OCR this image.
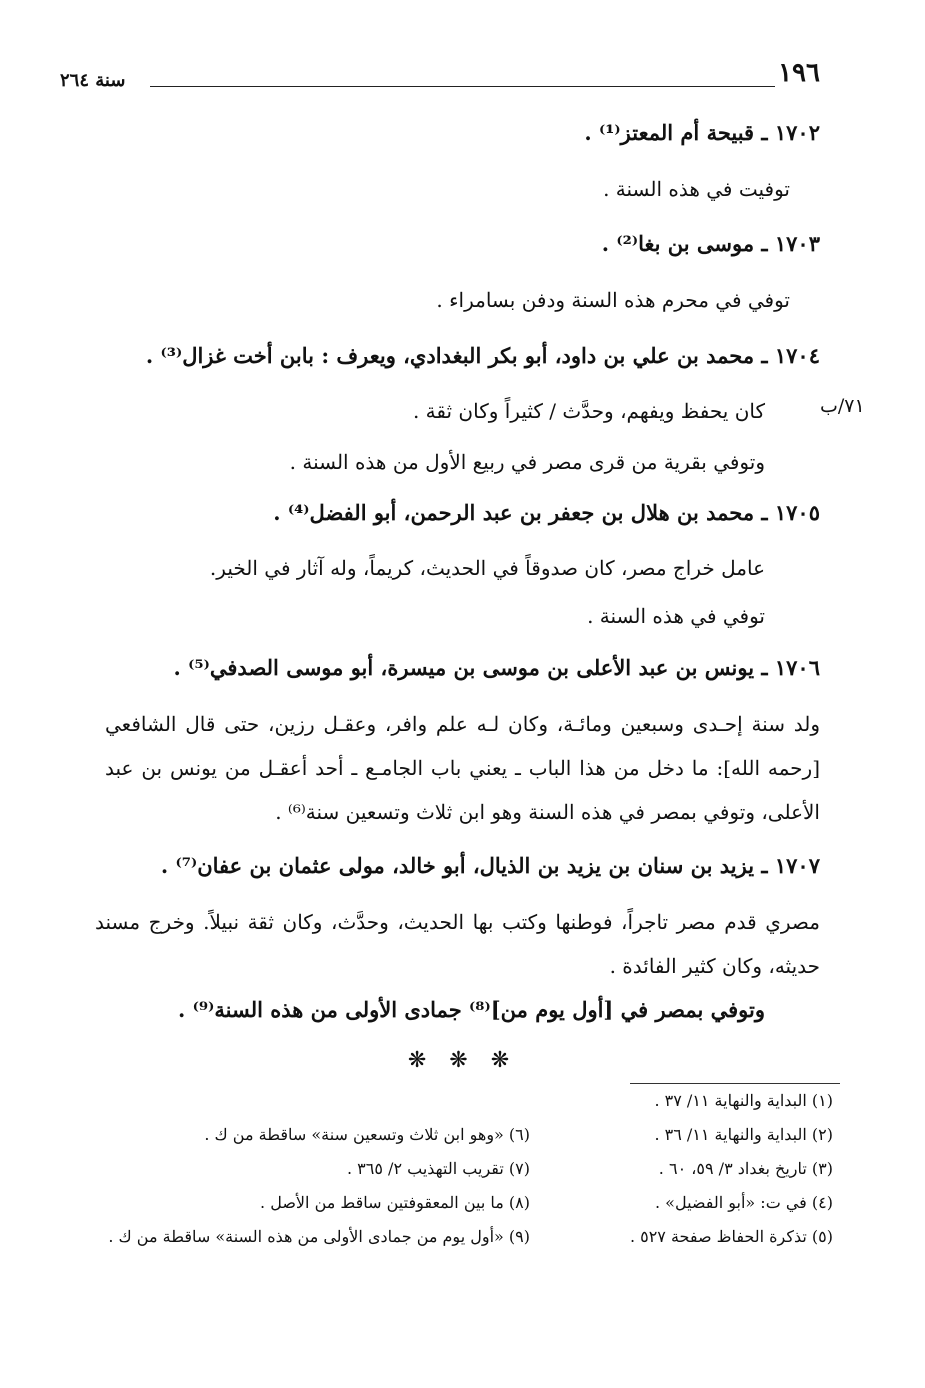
١٩٦
سنة ٢٦٤
١٧٠٢ ـ قبيحة أم المعتز⁽¹⁾ .
توفيت في هذه السنة .
١٧٠٣ ـ موسى بن بغا⁽²⁾ .
توفي في محرم هذه السنة ودفن بسامراء .
١٧٠٤ ـ محمد بن علي بن داود، أبو بكر البغدادي، ويعرف : بابن أخت غزال⁽³⁾ .
٧١/ب
كان يحفظ ويفهم، وحدَّث / كثيراً وكان ثقة .
وتوفي بقرية من قرى مصر في ربيع الأول من هذه السنة .
١٧٠٥ ـ محمد بن هلال بن جعفر بن عبد الرحمن، أبو الفضل⁽⁴⁾ .
عامل خراج مصر، كان صدوقاً في الحديث، كريماً، وله آثار في الخير.
توفي في هذه السنة .
١٧٠٦ ـ يونس بن عبد الأعلى بن موسى بن ميسرة، أبو موسى الصدفي⁽⁵⁾ .
ولد سنة إحـدى وسبعين ومائـة، وكان لـه علم وافر، وعقـل رزين، حتى قال الشافعي [رحمه الله]: ما دخل من هذا الباب ـ يعني باب الجامـع ـ أحد أعقـل من يونس بن عبد الأعلى، وتوفي بمصر في هذه السنة وهو ابن ثلاث وتسعين سنة⁽⁶⁾ .
١٧٠٧ ـ يزيد بن سنان بن يزيد بن الذيال، أبو خالد، مولى عثمان بن عفان⁽⁷⁾ .
مصري قدم مصر تاجراً، فوطنها وكتب بها الحديث، وحدَّث، وكان ثقة نبيلاً. وخرج مسند حديثه، وكان كثير الفائدة .
وتوفي بمصر في [أول يوم من]⁽⁸⁾ جمادى الأولى من هذه السنة⁽⁹⁾ .
❋ ❋ ❋
(١) البداية والنهاية ١١/ ٣٧ .
(٢) البداية والنهاية ١١/ ٣٦ .
(٣) تاريخ بغداد ٣/ ٥٩، ٦٠ .
(٤) في ت: «أبو الفضيل» .
(٥) تذكرة الحفاظ صفحة ٥٢٧ .
(٦) «وهو ابن ثلاث وتسعين سنة» ساقطة من ك .
(٧) تقريب التهذيب ٢/ ٣٦٥ .
(٨) ما بين المعقوفتين ساقط من الأصل .
(٩) «أول يوم من جمادى الأولى من هذه السنة» ساقطة من ك .
